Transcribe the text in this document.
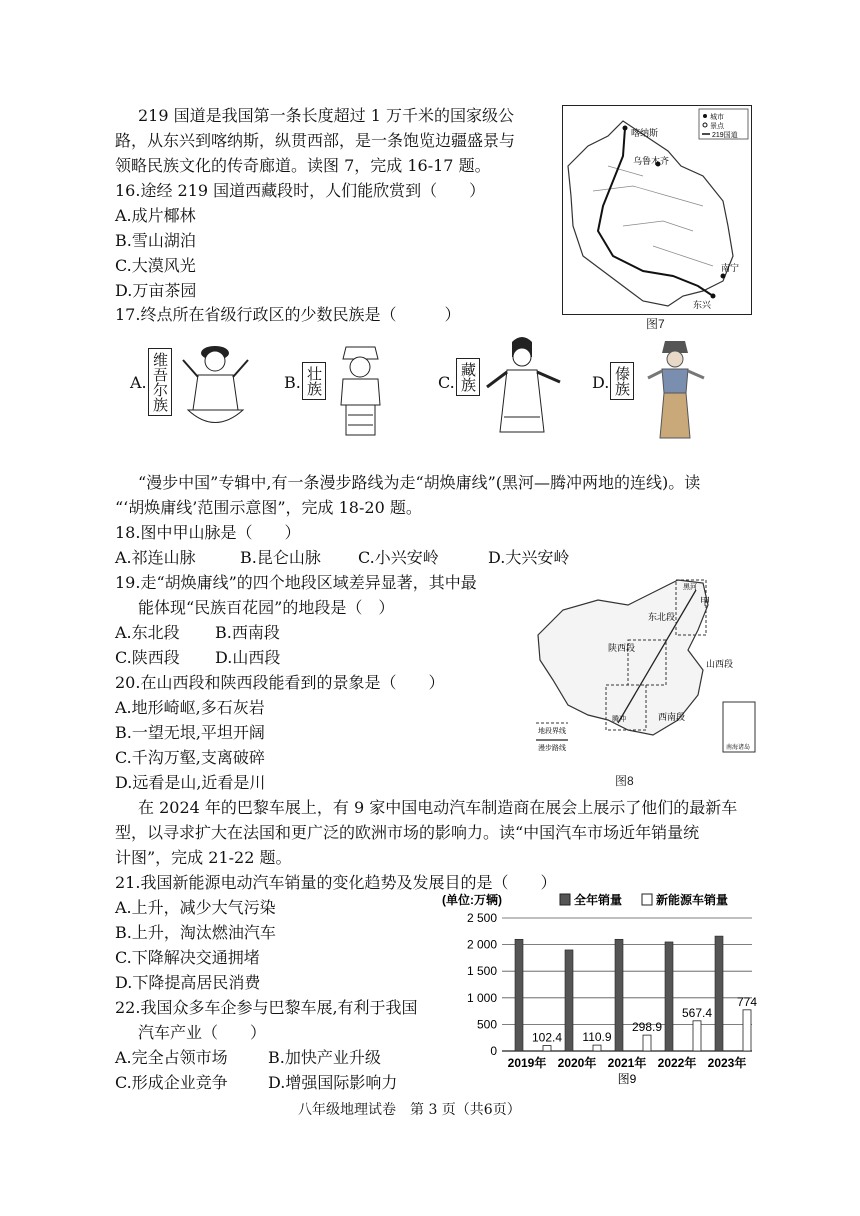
219 国道是我国第一条长度超过 1 万千米的国家级公
路，从东兴到喀纳斯，纵贯西部，是一条饱览边疆盛景与
领略民族文化的传奇廊道。读图 7，完成 16-17 题。
16.途经 219 国道西藏段时，人们能欣赏到（　　）
A.成片椰林
B.雪山湖泊
C.大漠风光
D.万亩茶园
喀纳斯
乌鲁木齐
南宁
东兴
城市
景点
219国道
图7
17.终点所在省级行政区的少数民族是（　　　）
A. 维吾尔族	B. 壮族	C. 藏族	D. 傣族
“漫步中国”专辑中,有一条漫步路线为走“胡焕庸线”(黑河—腾冲两地的连线)。读
“‘胡焕庸线’范围示意图”，完成 18-20 题。
18.图中甲山脉是（　　）
A.祁连山脉	B.昆仑山脉 C.小兴安岭	D.大兴安岭
19.走“胡焕庸线”的四个地段区域差异显著，其中最
能体现“民族百花园”的地段是（　）
A.东北段 B.西南段
C.陕西段 D.山西段
20.在山西段和陕西段能看到的景象是（　　）
A.地形崎岖,多石灰岩
B.一望无垠,平坦开阔
C.千沟万壑,支离破碎
D.远看是山,近看是川
东北段
甲
陕西段
山西段
西南段
黑河
腾冲
南海诸岛
地段界线
漫步路线
图8
在 2024 年的巴黎车展上，有 9 家中国电动汽车制造商在展会上展示了他们的最新车
型，以寻求扩大在法国和更广泛的欧洲市场的影响力。读“中国汽车市场近年销量统
计图”，完成 21-22 题。
21.我国新能源电动汽车销量的变化趋势及发展目的是（　　）
A.上升，减少大气污染
B.上升，淘汰燃油汽车
C.下降解决交通拥堵
D.下降提高居民消费
22.我国众多车企参与巴黎车展,有利于我国
汽车产业（　　）
A.完全占领市场	B.加快产业升级
C.形成企业竞争	D.增强国际影响力
(单位:万辆)	全年销量	新能源车销量
0
500
1 000
1 500
2 000
2 500
102.4
2019年
110.9
2020年
298.9
2021年
567.4
2022年
774
2023年
图9
八年级地理试卷　第 3 页（共6页）
